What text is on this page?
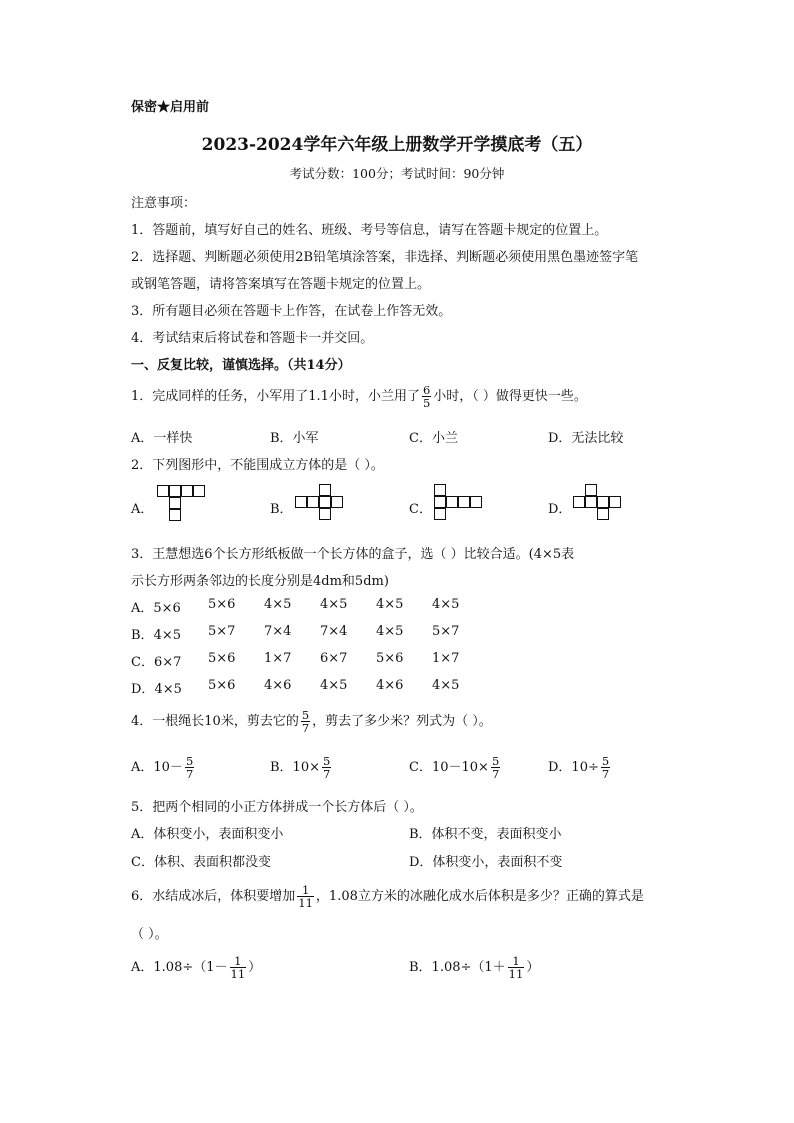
保密★启用前
2023-2024学年六年级上册数学开学摸底考（五）
考试分数：100分；考试时间：90分钟
注意事项：
1．答题前，填写好自己的姓名、班级、考号等信息，请写在答题卡规定的位置上。
2．选择题、判断题必须使用2B铅笔填涂答案，非选择、判断题必须使用黑色墨迹签字笔
或钢笔答题，请将答案填写在答题卡规定的位置上。
3．所有题目必须在答题卡上作答，在试卷上作答无效。
4．考试结束后将试卷和答题卡一并交回。
一、反复比较，谨慎选择。（共14分）
1．完成同样的任务，小军用了1.1小时，小兰用了 $\frac{6}{5}$ 小时，（ ）做得更快一些。
A．一样快	B．小军	C．小兰	D．无法比较
2．下列图形中，不能围成立方体的是（ ）。
A．	B．	C．	D．
3．王慧想选6个长方形纸板做一个长方体的盒子，选（ ）比较合适。(4×5表
示长方形两条邻边的长度分别是4dm和5dm)
A．5×6 5×6 4×5 4×5 4×5 4×5
B．4×5 5×7 7×4 7×4 4×5 5×7
C．6×7 5×6 1×7 6×7 5×6 1×7
D．4×5 5×6 4×6 4×5 4×6 4×5
4．一根绳长10米，剪去它的 $\frac{5}{7}$ ，剪去了多少米？列式为（ ）。
A．$10- \frac{5}{7}$	B．$10\times \frac{5}{7}$	C．$10-10\times \frac{5}{7}$	D．$10\div \frac{5}{7}$
5．把两个相同的小正方体拼成一个长方体后（ ）。
A．体积变小，表面积变小	B．体积不变，表面积变小
C．体积、表面积都没变	D．体积变小，表面积不变
6．水结成冰后，体积要增加 $\frac{1}{11}$ ，1.08立方米的冰融化成水后体积是多少？正确的算式是
（ ）。
A．$1.08\div(1- \frac{1}{11}$ ）	B．$1.08\div(1+ \frac{1}{11}$ ）
